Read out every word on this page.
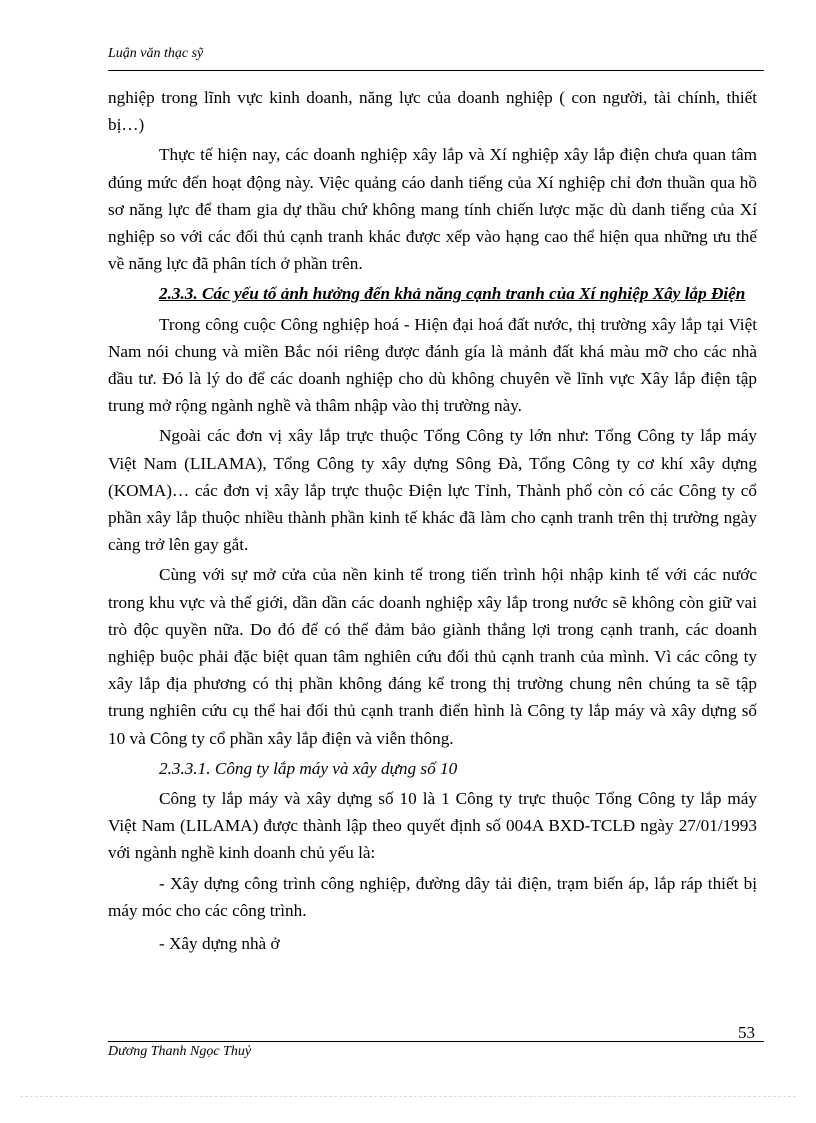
Luận văn thạc sỹ

nghiệp trong lĩnh vực kinh doanh, năng lực của doanh nghiệp ( con người, tài chính, thiết bị…)

Thực tế hiện nay, các doanh nghiệp xây lắp và Xí nghiệp xây lắp điện chưa quan tâm đúng mức đến hoạt động này. Việc quảng cáo danh tiếng của Xí nghiệp chỉ đơn thuần qua hồ sơ năng lực để tham gia dự thầu chứ không mang tính chiến lược mặc dù danh tiếng của Xí nghiệp so với các đối thủ cạnh tranh khác được xếp vào hạng cao thể hiện qua những ưu thế về năng lực đã phân tích ở phần trên.

2.3.3. Các yếu tố ảnh hưởng đến khả năng cạnh tranh của Xí nghiệp Xây lắp Điện

Trong công cuộc Công nghiệp hoá - Hiện đại hoá đất nước, thị trường xây lắp tại Việt Nam nói chung và miền Bắc nói riêng được đánh gía là mảnh đất khá màu mỡ cho các nhà đầu tư. Đó là lý do để các doanh nghiệp cho dù không chuyên về lĩnh vực Xây lắp điện tập trung mở rộng ngành nghề và thâm nhập vào thị trường này.

Ngoài các đơn vị xây lắp trực thuộc Tổng Công ty lớn như: Tổng Công ty lắp máy Việt Nam (LILAMA), Tổng Công ty xây dựng Sông Đà, Tổng Công ty cơ khí xây dựng (KOMA)… các đơn vị xây lắp trực thuộc Điện lực Tỉnh, Thành phố còn có các Công ty cổ phần xây lắp thuộc nhiều thành phần kinh tế khác đã làm cho cạnh tranh trên thị trường ngày càng trở lên gay gắt.

Cùng với sự mở cửa của nền kinh tế trong tiến trình hội nhập kinh tế với các nước trong khu vực và thế giới, dần dần các doanh nghiệp xây lắp trong nước sẽ không còn giữ vai trò độc quyền nữa. Do đó để có thể đảm bảo giành thắng lợi trong cạnh tranh, các doanh nghiệp buộc phải đặc biệt quan tâm nghiên cứu đối thủ cạnh tranh của mình. Vì các công ty xây lắp địa phương có thị phần không đáng kể trong thị trường chung nên chúng ta sẽ tập trung nghiên cứu cụ thể hai đối thủ cạnh tranh điển hình là Công ty lắp máy và xây dựng số 10 và Công ty cổ phần xây lắp điện và viễn thông.

2.3.3.1. Công ty lắp máy và xây dựng số 10

Công ty lắp máy và xây dựng số 10 là 1 Công ty trực thuộc Tổng Công ty lắp máy Việt Nam (LILAMA) được thành lập theo quyết định số 004A BXD-TCLĐ ngày 27/01/1993 với ngành nghề kinh doanh chủ yếu là:

- Xây dựng công trình công nghiệp, đường dây tải điện, trạm biến áp, lắp ráp thiết bị máy móc cho các công trình.

- Xây dựng nhà ở

53
Dương Thanh Ngọc Thuỷ
